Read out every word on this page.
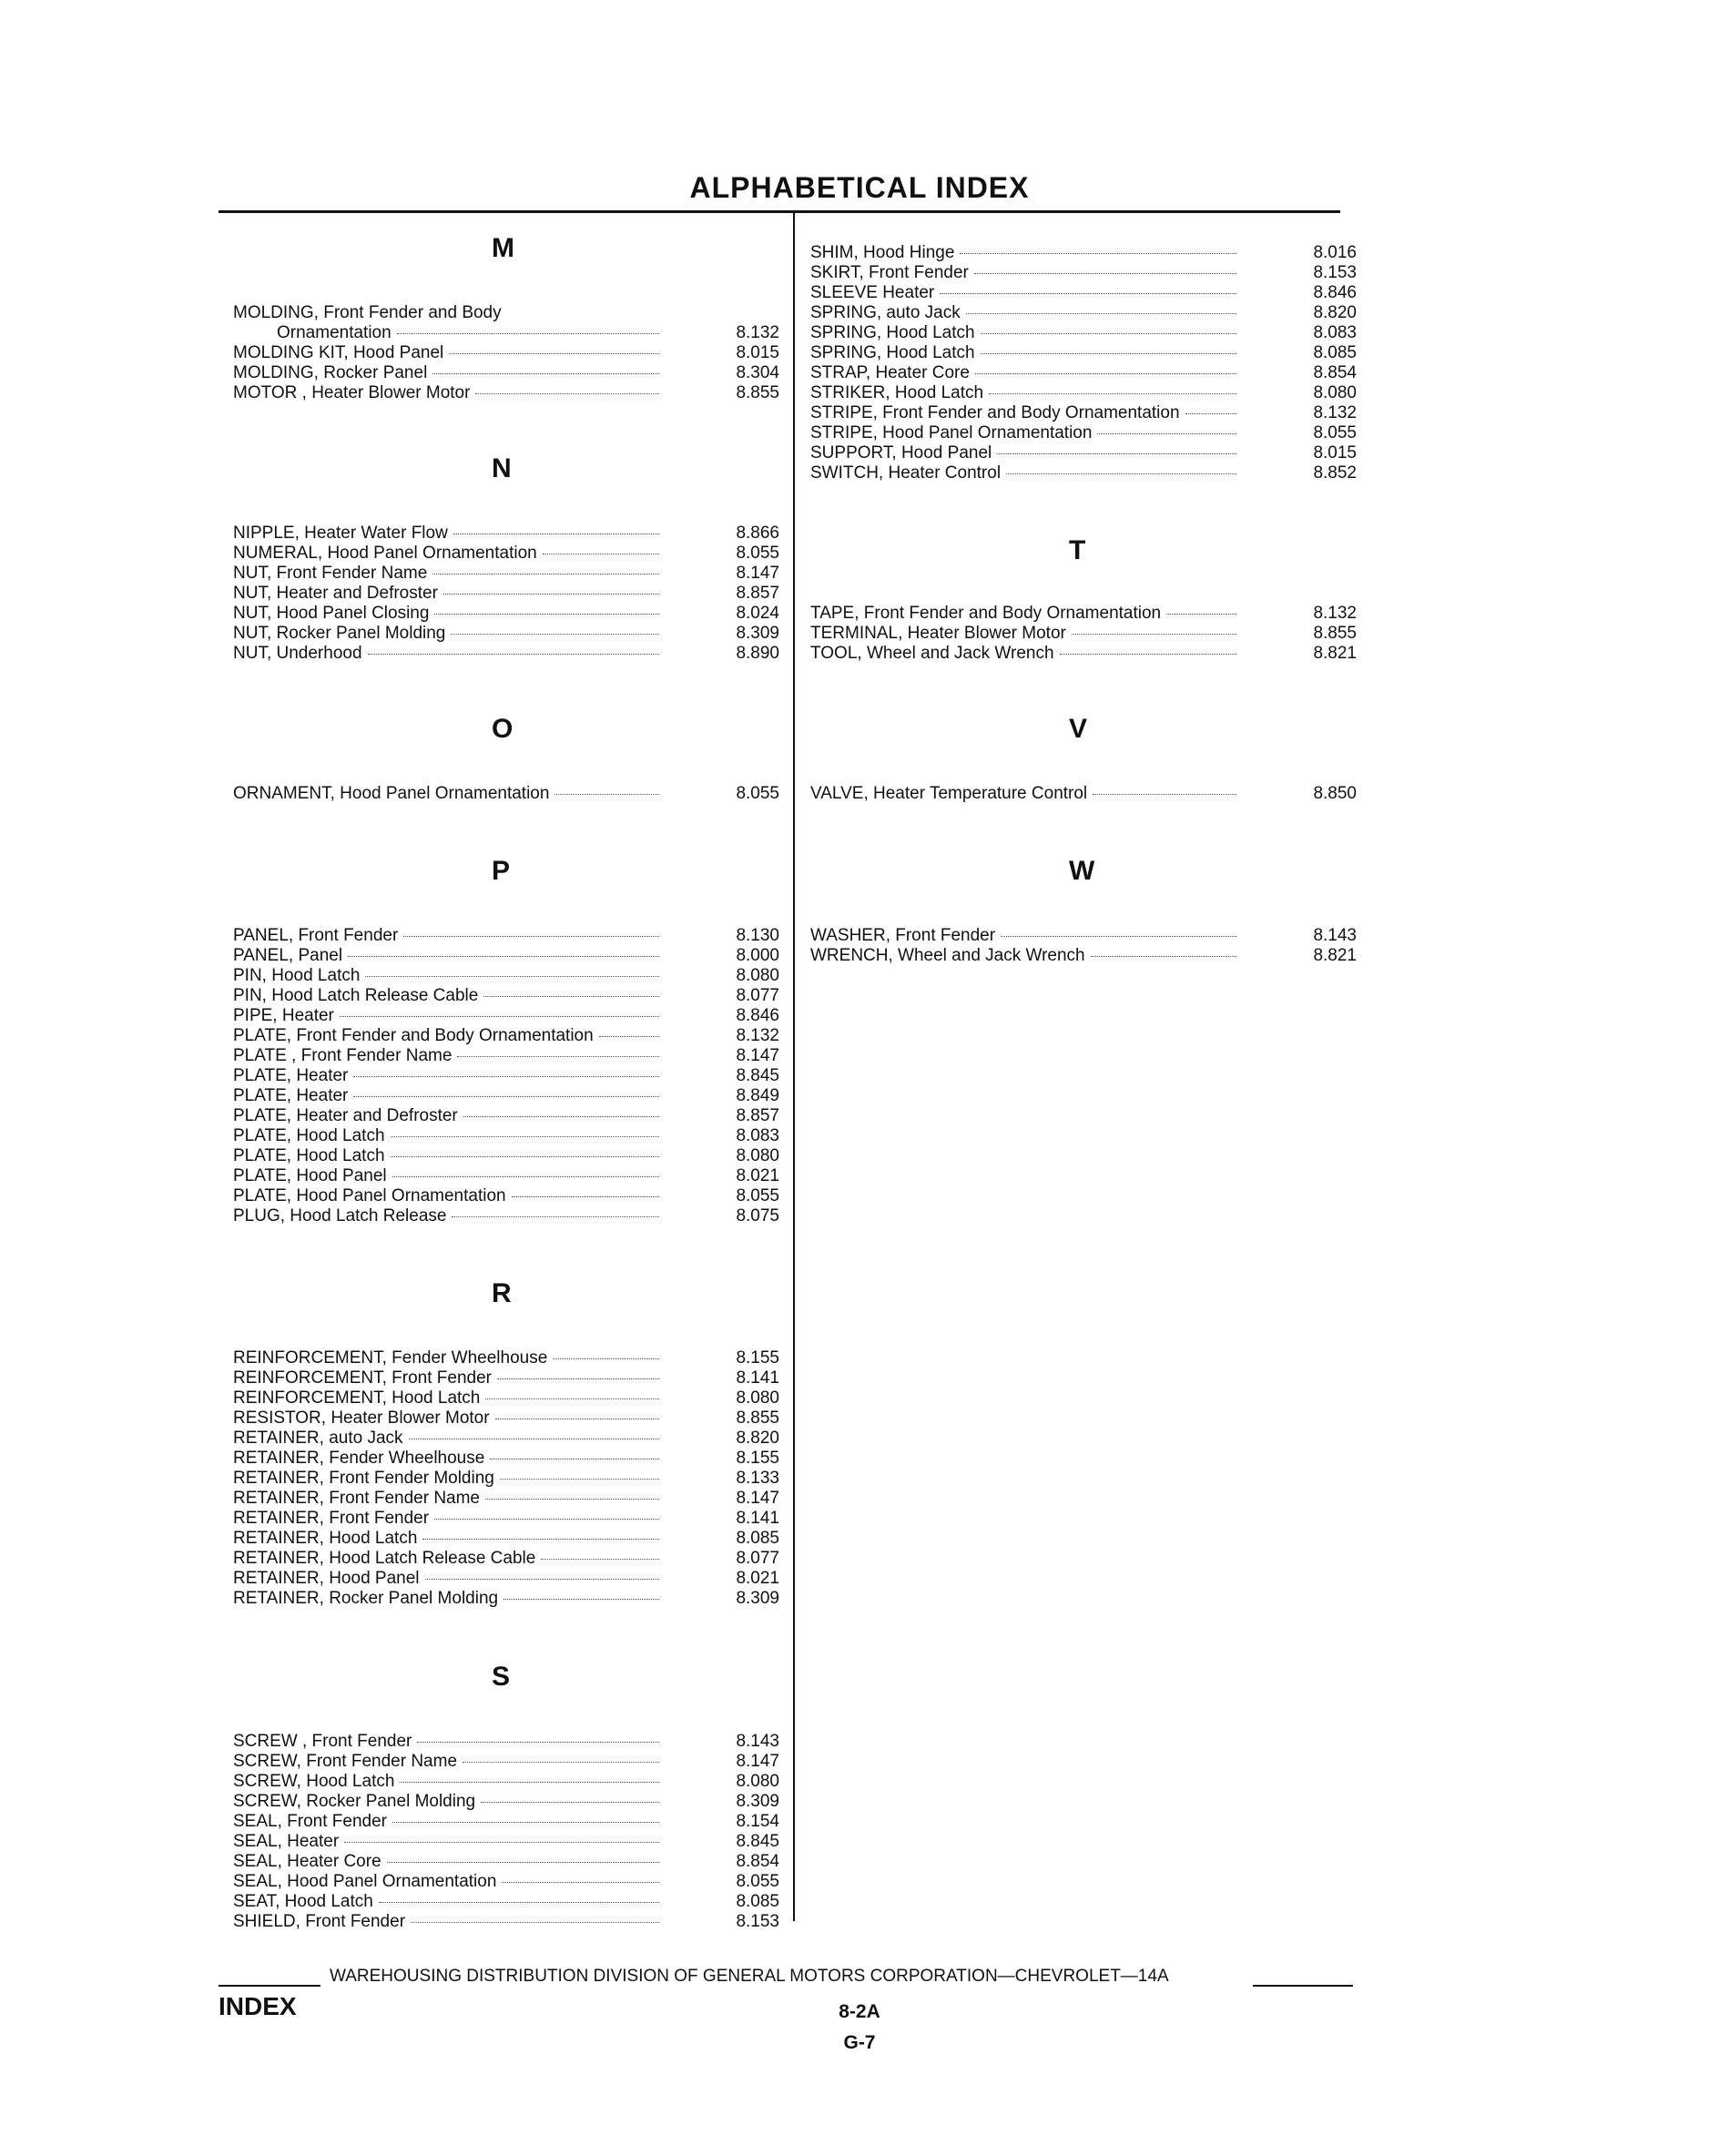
ALPHABETICAL INDEX
M
MOLDING, Front Fender and Body
Ornamentation	8.132
MOLDING KIT, Hood Panel	8.015
MOLDING, Rocker Panel	8.304
MOTOR , Heater Blower Motor	8.855
N
NIPPLE, Heater Water Flow	8.866
NUMERAL, Hood Panel Ornamentation	8.055
NUT, Front Fender Name	8.147
NUT, Heater and Defroster	8.857
NUT, Hood Panel Closing	8.024
NUT, Rocker Panel Molding	8.309
NUT, Underhood	8.890
O
ORNAMENT, Hood Panel Ornamentation	8.055
P
PANEL, Front Fender	8.130
PANEL, Panel	8.000
PIN, Hood Latch	8.080
PIN, Hood Latch Release Cable	8.077
PIPE, Heater	8.846
PLATE, Front Fender and Body Ornamentation	8.132
PLATE , Front Fender Name	8.147
PLATE, Heater	8.845
PLATE, Heater	8.849
PLATE, Heater and Defroster	8.857
PLATE, Hood Latch	8.083
PLATE, Hood Latch	8.080
PLATE, Hood Panel	8.021
PLATE, Hood Panel Ornamentation	8.055
PLUG, Hood Latch Release	8.075
R
REINFORCEMENT, Fender Wheelhouse	8.155
REINFORCEMENT, Front Fender	8.141
REINFORCEMENT, Hood Latch	8.080
RESISTOR, Heater Blower Motor	8.855
RETAINER, auto Jack	8.820
RETAINER, Fender Wheelhouse	8.155
RETAINER, Front Fender Molding	8.133
RETAINER, Front Fender Name	8.147
RETAINER, Front Fender	8.141
RETAINER, Hood Latch	8.085
RETAINER, Hood Latch Release Cable	8.077
RETAINER, Hood Panel	8.021
RETAINER, Rocker Panel Molding	8.309
S
SCREW , Front Fender	8.143
SCREW, Front Fender Name	8.147
SCREW, Hood Latch	8.080
SCREW, Rocker Panel Molding	8.309
SEAL, Front Fender	8.154
SEAL, Heater	8.845
SEAL, Heater Core	8.854
SEAL, Hood Panel Ornamentation	8.055
SEAT, Hood Latch	8.085
SHIELD, Front Fender	8.153
SHIM, Hood Hinge	8.016
SKIRT, Front Fender	8.153
SLEEVE Heater	8.846
SPRING, auto Jack	8.820
SPRING, Hood Latch	8.083
SPRING, Hood Latch	8.085
STRAP, Heater Core	8.854
STRIKER, Hood Latch	8.080
STRIPE, Front Fender and Body Ornamentation	8.132
STRIPE, Hood Panel Ornamentation	8.055
SUPPORT, Hood Panel	8.015
SWITCH, Heater Control	8.852
T
TAPE, Front Fender and Body Ornamentation	8.132
TERMINAL, Heater Blower Motor	8.855
TOOL, Wheel and Jack Wrench	8.821
V
VALVE, Heater Temperature Control	8.850
W
WASHER, Front Fender	8.143
WRENCH, Wheel and Jack Wrench	8.821
WAREHOUSING DISTRIBUTION DIVISION OF GENERAL MOTORS CORPORATION—CHEVROLET—14A
INDEX	8-2A
G-7
